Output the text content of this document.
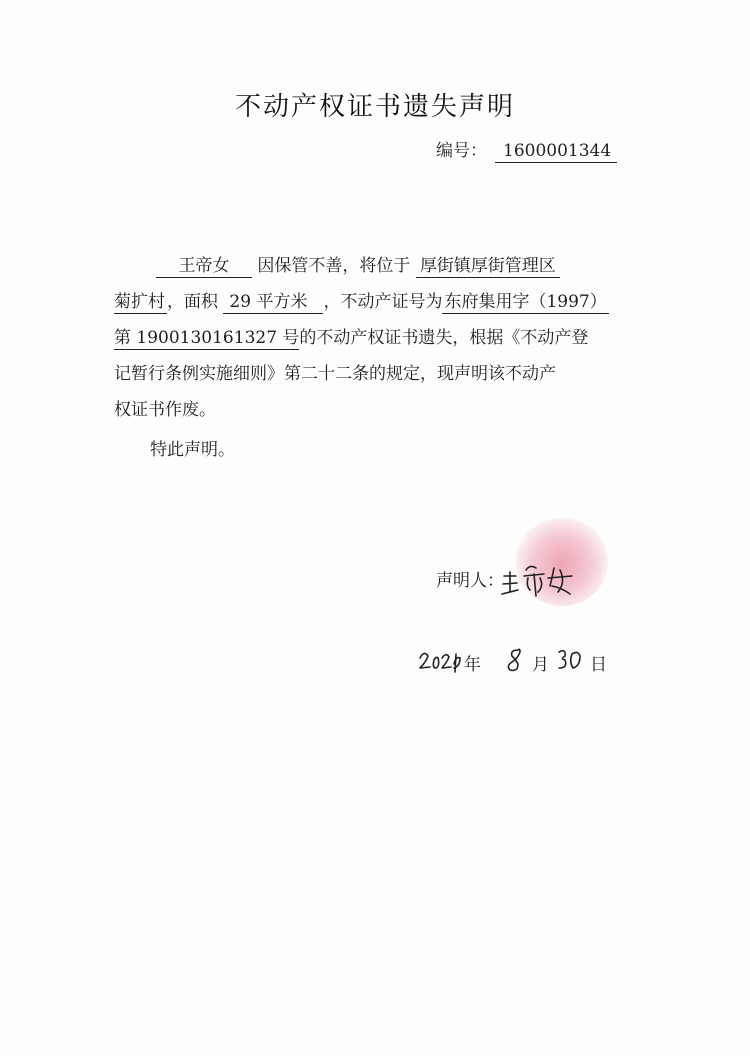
不动产权证书遗失声明
编号： 1600001344
王帝女 因保管不善，将位于 厚街镇厚街管理区
菊扩村 ，面积 29 平方米 ，不动产证号为 东府集用字（1997）
第 1900130161327 号的不动产权证书遗失，根据《不动产登
记暂行条例实施细则》第二十二条的规定，现声明该不动产
权证书作废。
特此声明。
声明人：
年	月 日
